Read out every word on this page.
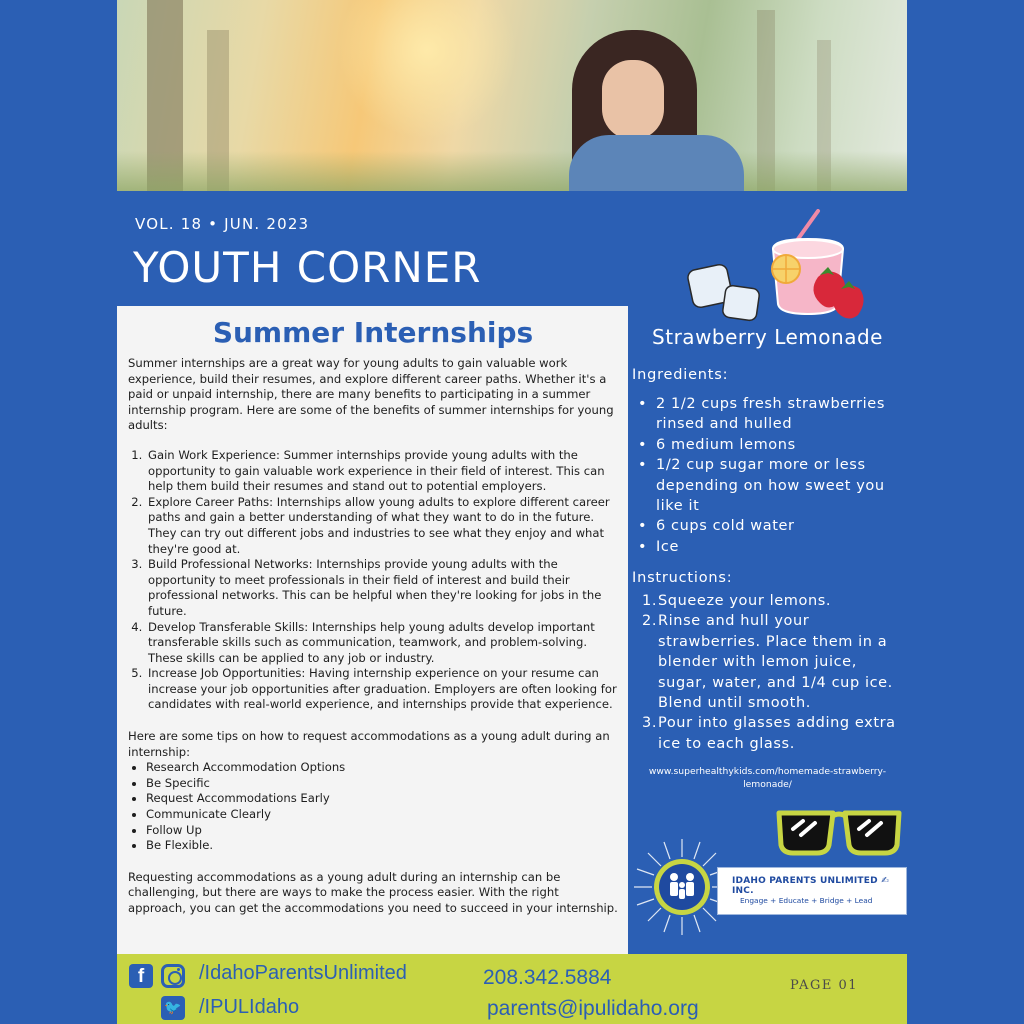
VOL. 18 • JUN. 2023
YOUTH CORNER
Summer Internships

Summer internships are a great way for young adults to gain valuable work experience, build their resumes, and explore different career paths. Whether it's a paid or unpaid internship, there are many benefits to participating in a summer internship program. Here are some of the benefits of summer internships for young adults:

1. Gain Work Experience: Summer internships provide young adults with the opportunity to gain valuable work experience in their field of interest. This can help them build their resumes and stand out to potential employers.
2. Explore Career Paths: Internships allow young adults to explore different career paths and gain a better understanding of what they want to do in the future. They can try out different jobs and industries to see what they enjoy and what they're good at.
3. Build Professional Networks: Internships provide young adults with the opportunity to meet professionals in their field of interest and build their professional networks. This can be helpful when they're looking for jobs in the future.
4. Develop Transferable Skills: Internships help young adults develop important transferable skills such as communication, teamwork, and problem-solving. These skills can be applied to any job or industry.
5. Increase Job Opportunities: Having internship experience on your resume can increase your job opportunities after graduation. Employers are often looking for candidates with real-world experience, and internships provide that experience.

Here are some tips on how to request accommodations as a young adult during an internship:

• Research Accommodation Options
• Be Specific
• Request Accommodations Early
• Communicate Clearly
• Follow Up
• Be Flexible.

Requesting accommodations as a young adult during an internship can be challenging, but there are ways to make the process easier. With the right approach, you can get the accommodations you need to succeed in your internship.

Strawberry Lemonade
Ingredients:
• 2 1/2 cups fresh strawberries rinsed and hulled
• 6 medium lemons
• 1/2 cup sugar more or less depending on how sweet you like it
• 6 cups cold water
• Ice
Instructions:
1. Squeeze your lemons.
2. Rinse and hull your strawberries. Place them in a blender with lemon juice, sugar, water, and 1/4 cup ice. Blend until smooth.
3. Pour into glasses adding extra ice to each glass.
www.superhealthykids.com/homemade-strawberry-lemonade/
IDAHO PARENTS UNLIMITED ✍ INC.
Engage + Educate + Bridge + Lead
f	/IdahoParentsUnlimited
🐦 /IPULIdaho
208.342.5884
parents@ipulidaho.org
PAGE 01
